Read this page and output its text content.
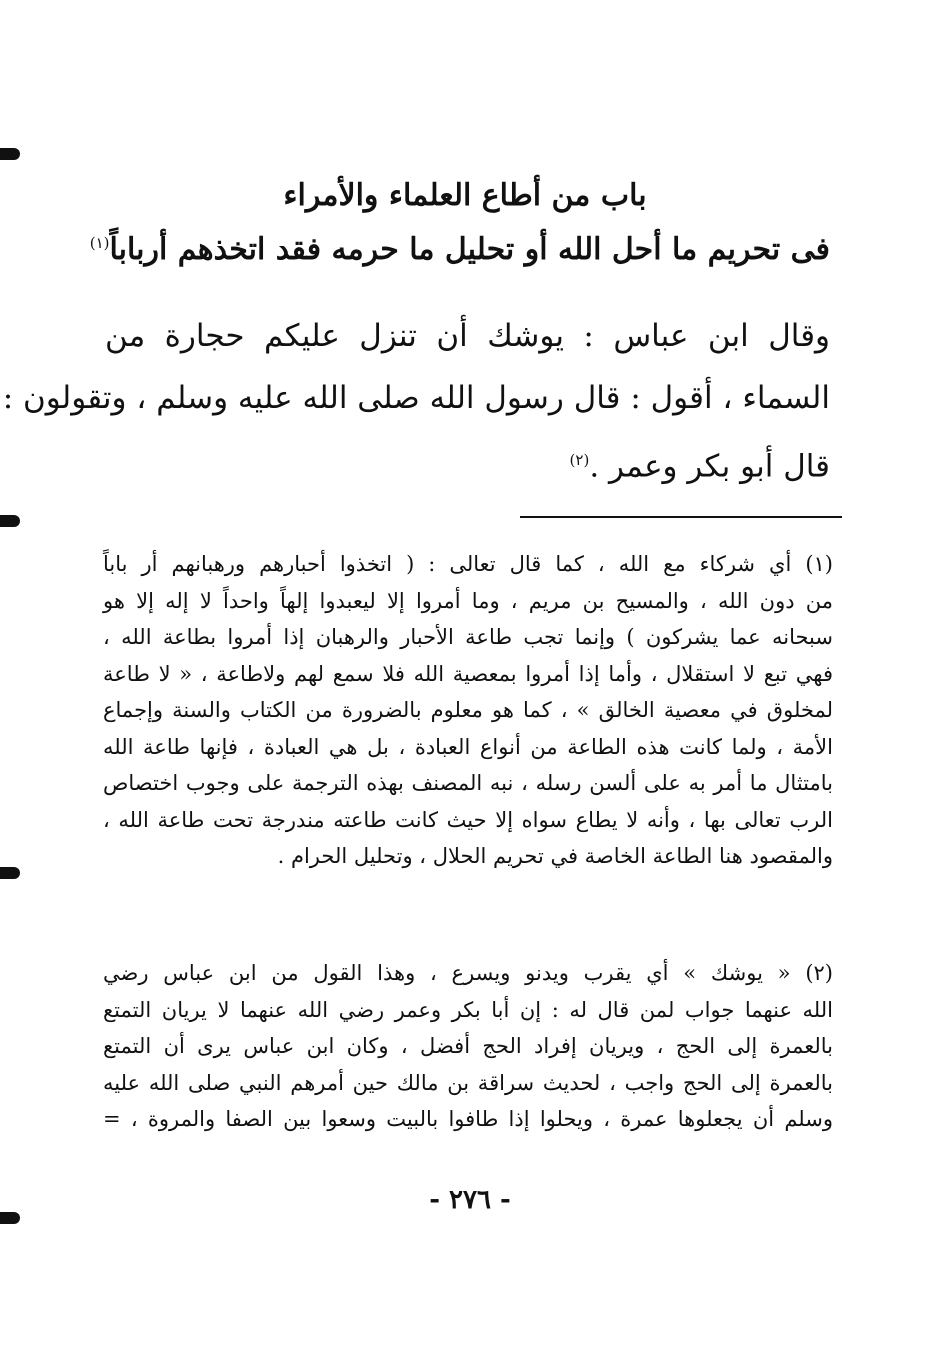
باب من أطاع العلماء والأمراء
فى تحريم ما أحل الله أو تحليل ما حرمه فقد اتخذهم أرباباً$^{(١)}$
وقال ابن عباس : يوشك أن تنزل عليكم حجارة من
السماء ، أقول : قال رسول الله صلى الله عليه وسلم ، وتقولون :
قال أبو بكر وعمر .$^{(٢)}$
(١) أي شركاء مع الله ، كما قال تعالى : ( اتخذوا أحبارهم ورهبانهم أر باباً
من دون الله ، والمسيح بن مريم ، وما أمروا إلا ليعبدوا إلهاً واحداً لا إله إلا هو
سبحانه عما يشركون ) وإنما تجب طاعة الأحبار والرهبان إذا أمروا بطاعة الله ،
فهي تبع لا استقلال ، وأما إذا أمروا بمعصية الله فلا سمع لهم ولاطاعة ، « لا طاعة
لمخلوق في معصية الخالق » ، كما هو معلوم بالضرورة من الكتاب والسنة وإجماع
الأمة ، ولما كانت هذه الطاعة من أنواع العبادة ، بل هي العبادة ، فإنها طاعة الله
بامتثال ما أمر به على ألسن رسله ، نبه المصنف بهذه الترجمة على وجوب اختصاص
الرب تعالى بها ، وأنه لا يطاع سواه إلا حيث كانت طاعته مندرجة تحت طاعة الله ،
والمقصود هنا الطاعة الخاصة في تحريم الحلال ، وتحليل الحرام .
(٢) « يوشك » أي يقرب ويدنو ويسرع ، وهذا القول من ابن عباس رضي
الله عنهما جواب لمن قال له : إن أبا بكر وعمر رضي الله عنهما لا يريان التمتع
بالعمرة إلى الحج ، ويريان إفراد الحج أفضل ، وكان ابن عباس يرى أن التمتع
بالعمرة إلى الحج واجب ، لحديث سراقة بن مالك حين أمرهم النبي صلى الله عليه
وسلم أن يجعلوها عمرة ، ويحلوا إذا طافوا بالبيت وسعوا بين الصفا والمروة ، =
- ٢٧٦ -
